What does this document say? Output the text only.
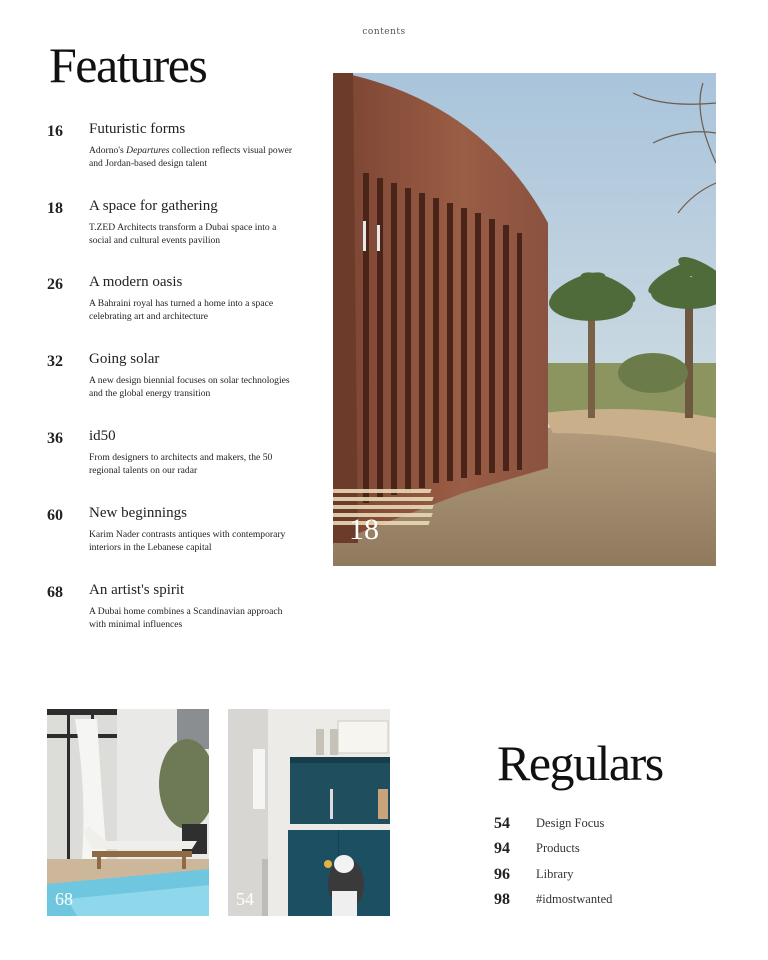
contents
Features
16 Futuristic forms
Adorno's Departures collection reflects visual power and Jordan-based design talent
18 A space for gathering
T.ZED Architects transform a Dubai space into a social and cultural events pavilion
26 A modern oasis
A Bahraini royal has turned a home into a space celebrating art and architecture
32 Going solar
A new design biennial focuses on solar technologies and the global energy transition
36 id50
From designers to architects and makers, the 50 regional talents on our radar
60 New beginnings
Karim Nader contrasts antiques with contemporary interiors in the Lebanese capital
68 An artist's spirit
A Dubai home combines a Scandinavian approach with minimal influences
18
68	54
Regulars
54 Design Focus
94 Products
96 Library
98 #idmostwanted
